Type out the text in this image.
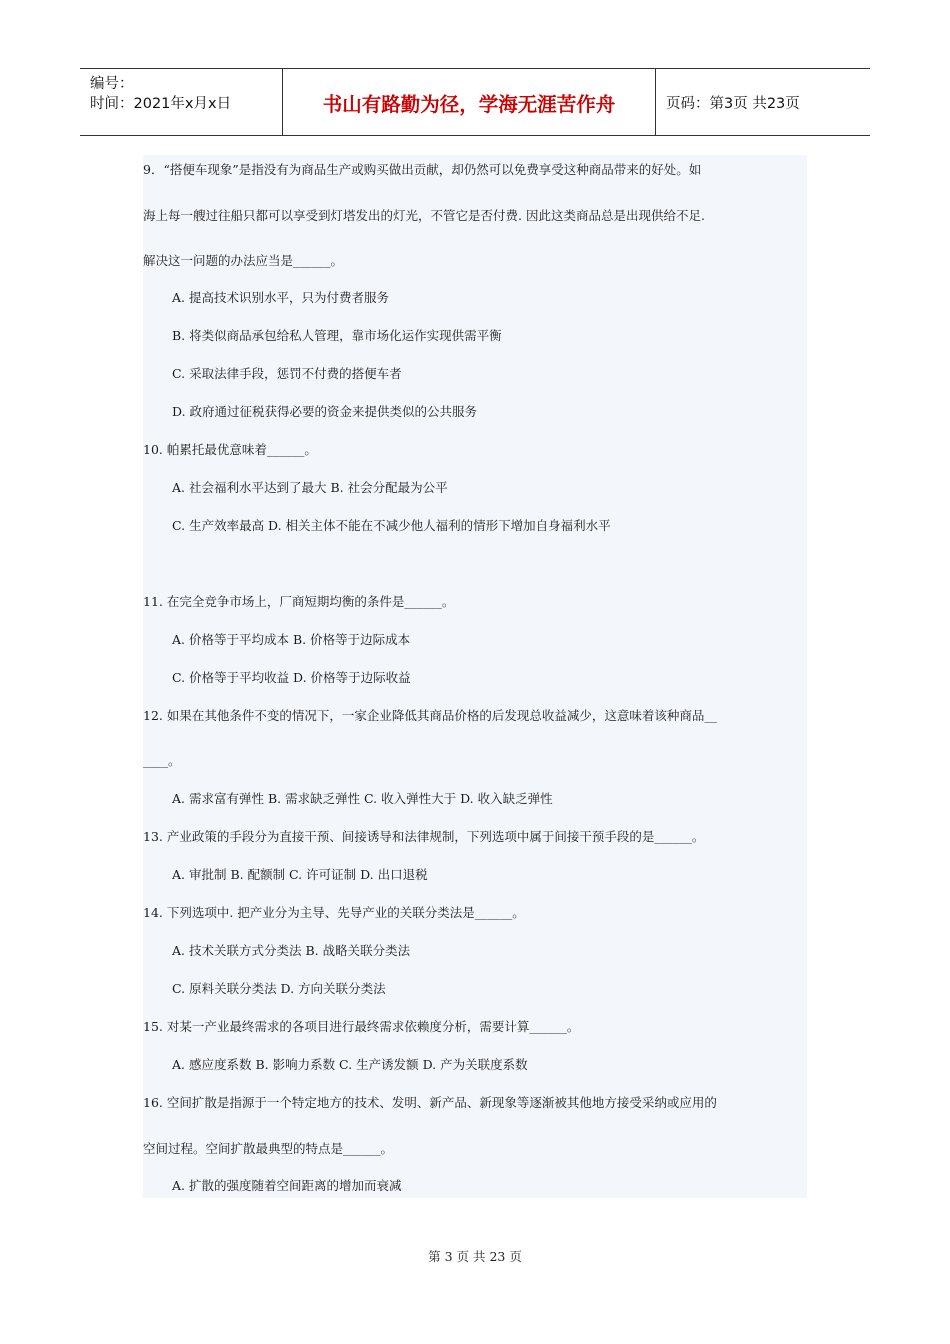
编号：
时间：2021年x月x日	书山有路勤为径，学海无涯苦作舟	页码：第3页 共23页
9．“搭便车现象”是指没有为商品生产或购买做出贡献，却仍然可以免费享受这种商品带来的好处。如
海上每一艘过往船只都可以享受到灯塔发出的灯光，不管它是否付费. 因此这类商品总是出现供给不足.
解决这一问题的办法应当是______。
A. 提高技术识别水平，只为付费者服务
B. 将类似商品承包给私人管理，靠市场化运作实现供需平衡
C. 采取法律手段，惩罚不付费的搭便车者
D. 政府通过征税获得必要的资金来提供类似的公共服务
10. 帕累托最优意味着______。
A. 社会福利水平达到了最大 B. 社会分配最为公平
C. 生产效率最高 D. 相关主体不能在不减少他人福利的情形下增加自身福利水平
11. 在完全竞争市场上，厂商短期均衡的条件是______。
A. 价格等于平均成本 B. 价格等于边际成本
C. 价格等于平均收益 D. 价格等于边际收益
12. 如果在其他条件不变的情况下，一家企业降低其商品价格的后发现总收益减少，这意味着该种商品__
____。
A. 需求富有弹性 B. 需求缺乏弹性 C. 收入弹性大于 D. 收入缺乏弹性
13. 产业政策的手段分为直接干预、间接诱导和法律规制，下列选项中属于间接干预手段的是______。
A. 审批制 B. 配额制 C. 许可证制 D. 出口退税
14. 下列选项中. 把产业分为主导、先导产业的关联分类法是______。
A. 技术关联方式分类法 B. 战略关联分类法
C. 原料关联分类法 D. 方向关联分类法
15. 对某一产业最终需求的各项目进行最终需求依赖度分析，需要计算______。
A. 感应度系数 B. 影响力系数 C. 生产诱发额 D. 产为关联度系数
16. 空间扩散是指源于一个特定地方的技术、发明、新产品、新现象等逐渐被其他地方接受采纳或应用的
空间过程。空间扩散最典型的特点是______。
A. 扩散的强度随着空间距离的增加而衰减
第 3 页 共 23 页
